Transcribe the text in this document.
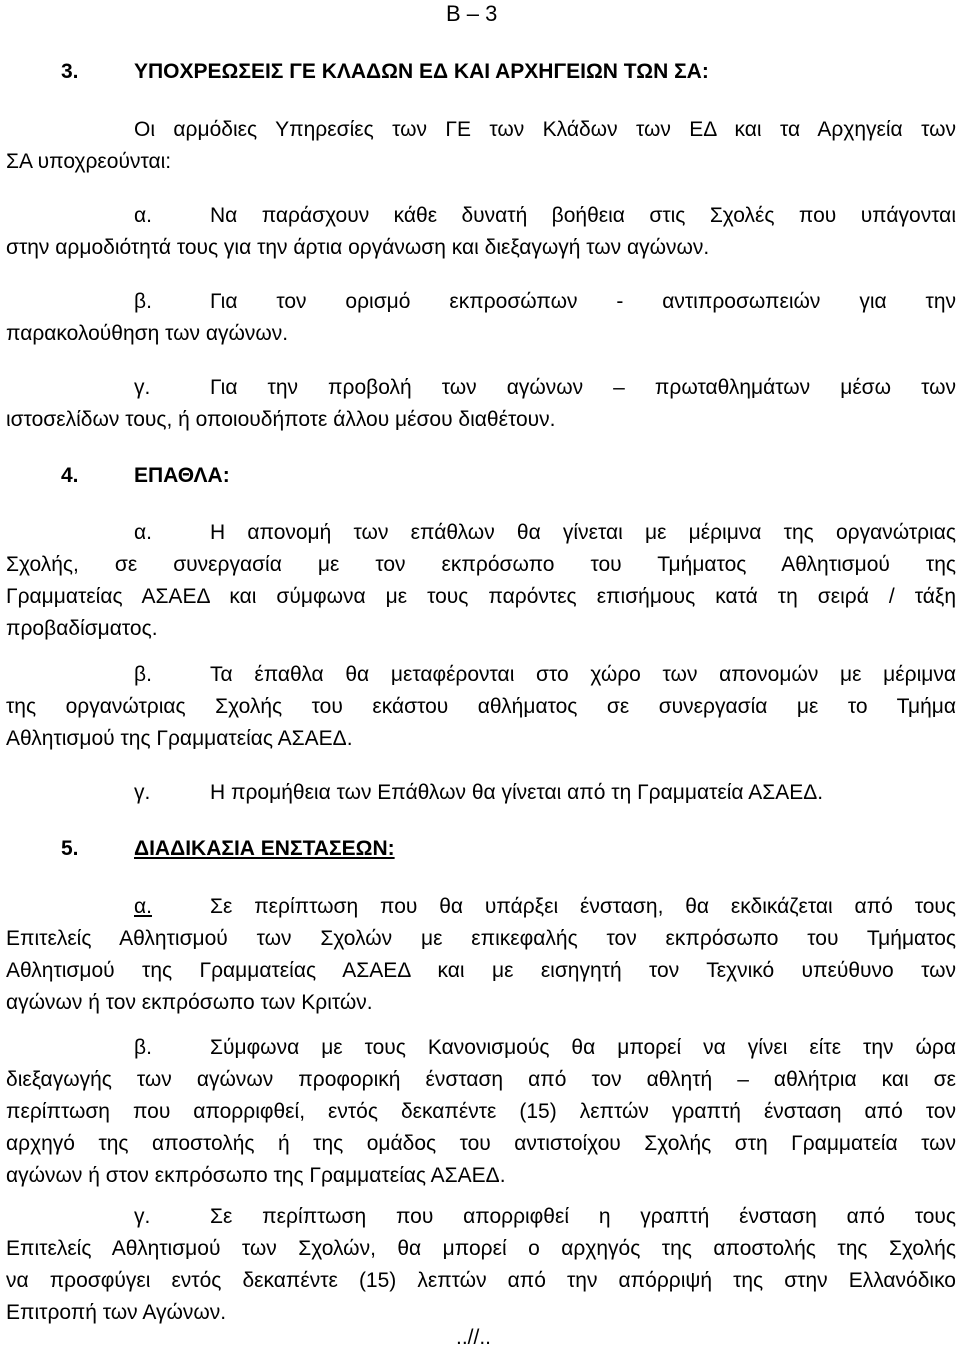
Β – 3
3.	ΥΠΟΧΡΕΩΣΕΙΣ ΓΕ ΚΛΑΔΩΝ ΕΔ ΚΑΙ ΑΡΧΗΓΕΙΩΝ ΤΩΝ ΣΑ:
Οι αρμόδιες Υπηρεσίες των ΓΕ των Κλάδων των ΕΔ και τα Αρχηγεία των
ΣΑ υποχρεούνται:
α.	Να παράσχουν κάθε δυνατή βοήθεια στις Σχολές που υπάγονται
στην αρμοδιότητά τους για την άρτια οργάνωση και διεξαγωγή των αγώνων.
β.	Για τον ορισμό εκπροσώπων - αντιπροσωπειών για την
παρακολούθηση των αγώνων.
γ.	Για την προβολή των αγώνων – πρωταθλημάτων μέσω των
ιστοσελίδων τους, ή οποιουδήποτε άλλου μέσου διαθέτουν.
4.	ΕΠΑΘΛΑ:
α.	Η απονομή των επάθλων θα γίνεται με μέριμνα της οργανώτριας
Σχολής, σε συνεργασία με τον εκπρόσωπο του Τμήματος Αθλητισμού της
Γραμματείας ΑΣΑΕΔ και σύμφωνα με τους παρόντες επισήμους κατά τη σειρά / τάξη
προβαδίσματος.
β.	Τα έπαθλα θα μεταφέρονται στο χώρο των απονομών με μέριμνα
της οργανώτριας Σχολής του εκάστου αθλήματος σε συνεργασία με το Τμήμα
Αθλητισμού της Γραμματείας ΑΣΑΕΔ.
γ.	Η προμήθεια των Επάθλων θα γίνεται από τη Γραμματεία ΑΣΑΕΔ.
5.	ΔΙΑΔΙΚΑΣΙΑ ΕΝΣΤΑΣΕΩΝ:
α.	Σε περίπτωση που θα υπάρξει ένσταση, θα εκδικάζεται από τους
Επιτελείς Αθλητισμού των Σχολών με επικεφαλής τον εκπρόσωπο του Τμήματος
Αθλητισμού της Γραμματείας ΑΣΑΕΔ και με εισηγητή τον Τεχνικό υπεύθυνο των
αγώνων ή τον εκπρόσωπο των Κριτών.
β.	Σύμφωνα με τους Κανονισμούς θα μπορεί να γίνει είτε την ώρα
διεξαγωγής των αγώνων προφορική ένσταση από τον αθλητή – αθλήτρια και σε
περίπτωση που απορριφθεί, εντός δεκαπέντε (15) λεπτών γραπτή ένσταση από τον
αρχηγό της αποστολής ή της ομάδος του αντιστοίχου Σχολής στη Γραμματεία των
αγώνων ή στον εκπρόσωπο της Γραμματείας ΑΣΑΕΔ.
γ.	Σε περίπτωση που απορριφθεί η γραπτή ένσταση από τους
Επιτελείς Αθλητισμού των Σχολών, θα μπορεί ο αρχηγός της αποστολής της Σχολής
να προσφύγει εντός δεκαπέντε (15) λεπτών από την απόρριψή της στην Ελλανόδικο
Επιτροπή των Αγώνων.
..//..
